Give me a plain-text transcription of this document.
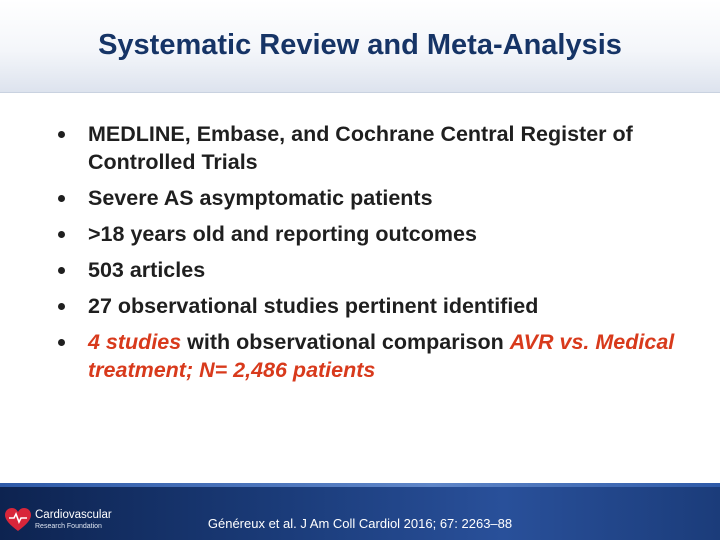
Systematic Review and Meta-Analysis
MEDLINE, Embase, and Cochrane Central Register of Controlled Trials
Severe AS asymptomatic patients
>18 years old and reporting outcomes
503 articles
27 observational studies pertinent identified
4 studies with observational comparison AVR vs. Medical treatment; N= 2,486 patients
Cardiovascular
Research Foundation	Généreux et al. J Am Coll Cardiol 2016; 67: 2263–88
